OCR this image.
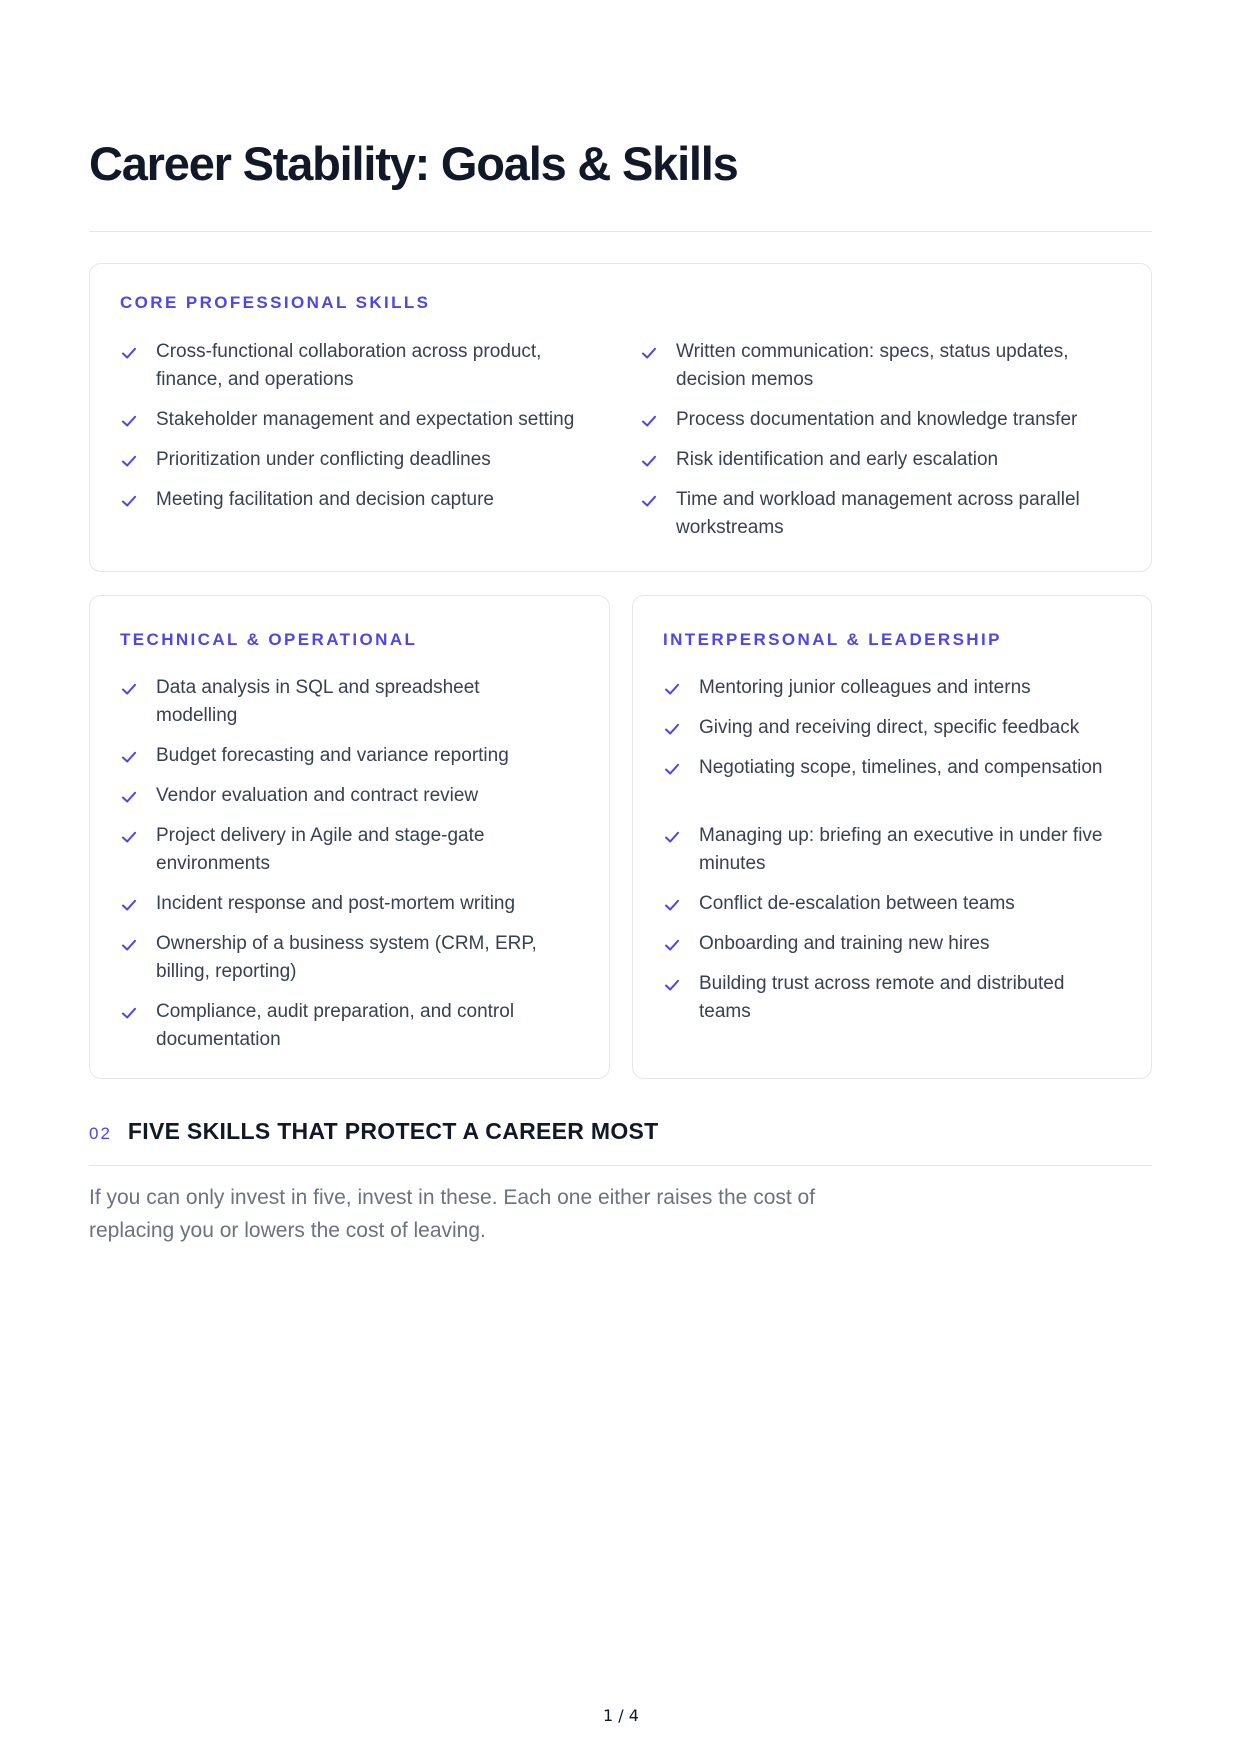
Career Stability: Goals & Skills
CORE PROFESSIONAL SKILLS
Cross-functional collaboration across product, finance, and operations
Stakeholder management and expectation setting
Prioritization under conflicting deadlines
Meeting facilitation and decision capture
Written communication: specs, status updates, decision memos
Process documentation and knowledge transfer
Risk identification and early escalation
Time and workload management across parallel workstreams
TECHNICAL & OPERATIONAL
Data analysis in SQL and spreadsheet modelling
Budget forecasting and variance reporting
Vendor evaluation and contract review
Project delivery in Agile and stage-gate environments
Incident response and post-mortem writing
Ownership of a business system (CRM, ERP, billing, reporting)
Compliance, audit preparation, and control documentation
INTERPERSONAL & LEADERSHIP
Mentoring junior colleagues and interns
Giving and receiving direct, specific feedback
Negotiating scope, timelines, and compensation
Managing up: briefing an executive in under five minutes
Conflict de-escalation between teams
Onboarding and training new hires
Building trust across remote and distributed teams
02 FIVE SKILLS THAT PROTECT A CAREER MOST

If you can only invest in five, invest in these. Each one either raises the cost of replacing you or lowers the cost of leaving.

1 / 4
